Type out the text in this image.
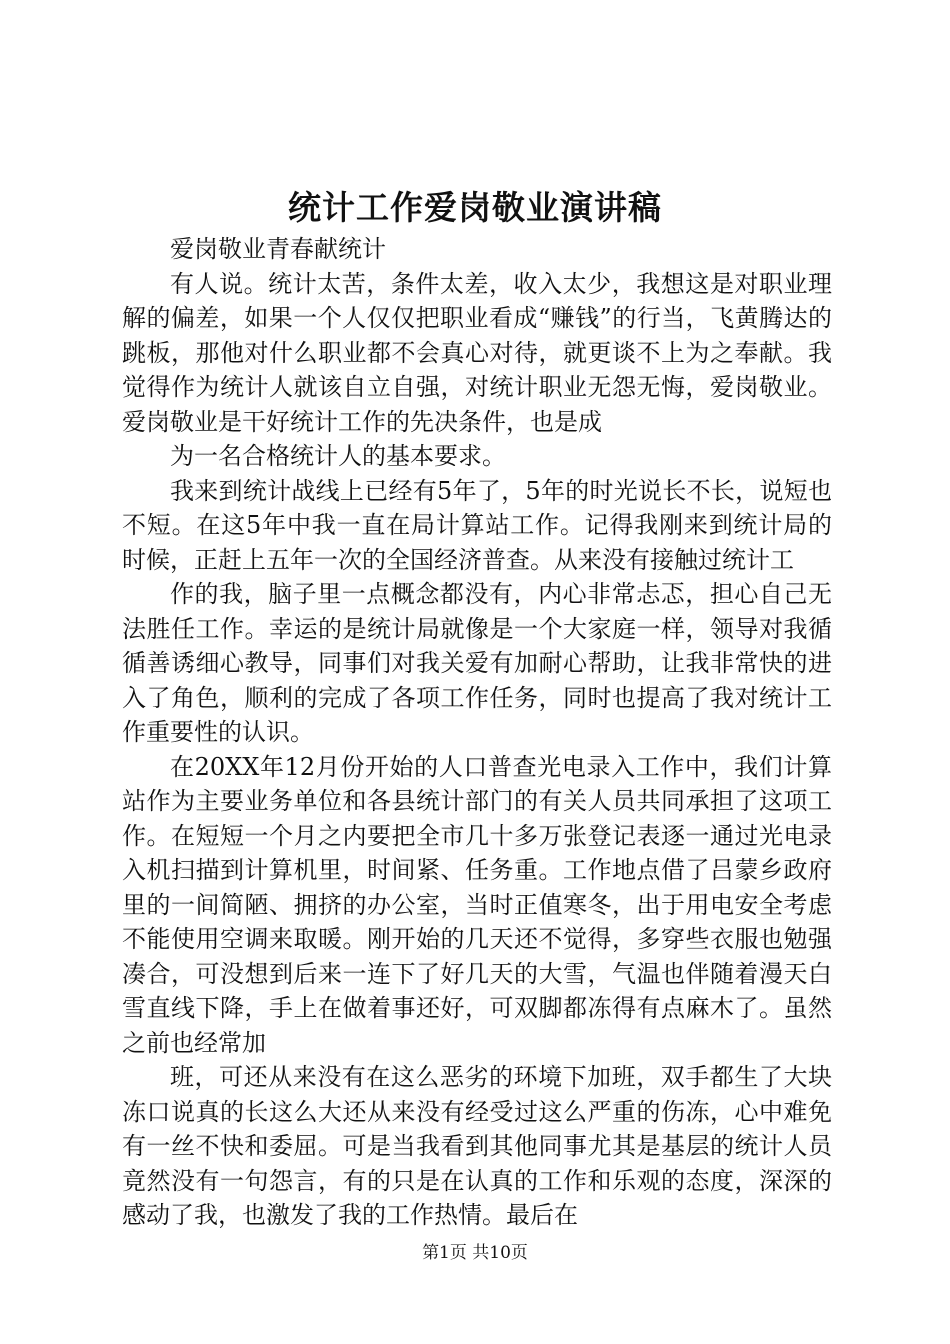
统计工作爱岗敬业演讲稿

爱岗敬业青春献统计

有人说。统计太苦，条件太差，收入太少，我想这是对职业理解的偏差，如果一个人仅仅把职业看成“赚钱”的行当，飞黄腾达的跳板，那他对什么职业都不会真心对待，就更谈不上为之奉献。我觉得作为统计人就该自立自强，对统计职业无怨无悔，爱岗敬业。爱岗敬业是干好统计工作的先决条件，也是成

为一名合格统计人的基本要求。

我来到统计战线上已经有5年了，5年的时光说长不长，说短也不短。在这5年中我一直在局计算站工作。记得我刚来到统计局的时候，正赶上五年一次的全国经济普查。从来没有接触过统计工

作的我，脑子里一点概念都没有，内心非常忐忑，担心自己无法胜任工作。幸运的是统计局就像是一个大家庭一样，领导对我循循善诱细心教导，同事们对我关爱有加耐心帮助，让我非常快的进入了角色，顺利的完成了各项工作任务，同时也提高了我对统计工作重要性的认识。

在20XX年12月份开始的人口普查光电录入工作中，我们计算站作为主要业务单位和各县统计部门的有关人员共同承担了这项工作。在短短一个月之内要把全市几十多万张登记表逐一通过光电录入机扫描到计算机里，时间紧、任务重。工作地点借了吕蒙乡政府里的一间简陋、拥挤的办公室，当时正值寒冬，出于用电安全考虑不能使用空调来取暖。刚开始的几天还不觉得，多穿些衣服也勉强凑合，可没想到后来一连下了好几天的大雪，气温也伴随着漫天白雪直线下降，手上在做着事还好，可双脚都冻得有点麻木了。虽然之前也经常加

班，可还从来没有在这么恶劣的环境下加班，双手都生了大块冻口说真的长这么大还从来没有经受过这么严重的伤冻，心中难免有一丝不快和委屈。可是当我看到其他同事尤其是基层的统计人员竟然没有一句怨言，有的只是在认真的工作和乐观的态度，深深的感动了我，也激发了我的工作热情。最后在

第1页 共10页
